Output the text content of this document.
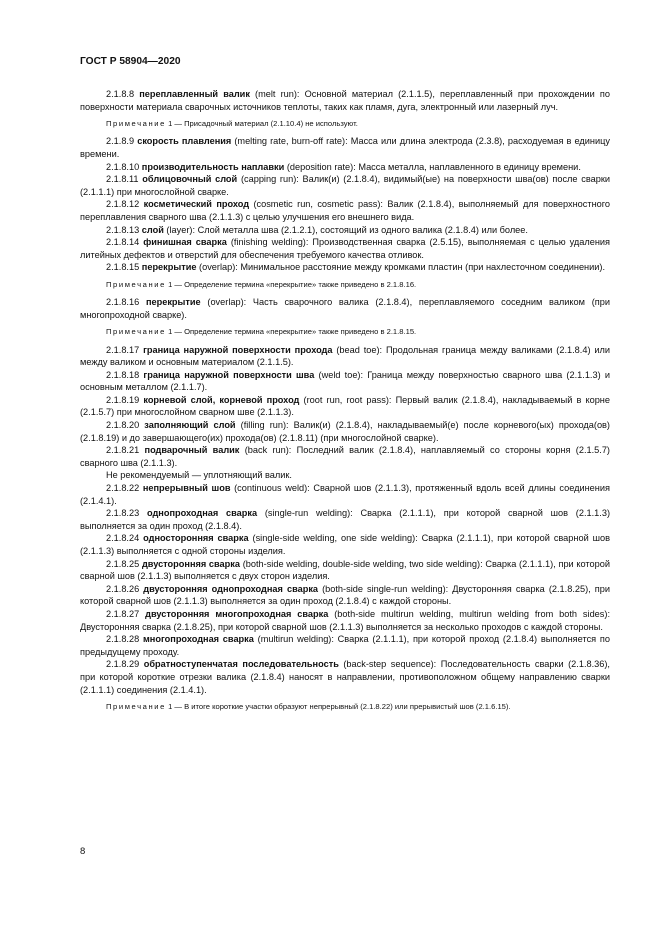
ГОСТ Р 58904—2020

2.1.8.8 переплавленный валик (melt run): Основной материал (2.1.1.5), переплавленный при прохождении по поверхности материала сварочных источников теплоты, таких как пламя, дуга, электронный или лазерный луч.

Примечание 1 — Присадочный материал (2.1.10.4) не используют.

2.1.8.9 скорость плавления (melting rate, burn-off rate): Масса или длина электрода (2.3.8), расходуемая в единицу времени.

2.1.8.10 производительность наплавки (deposition rate): Масса металла, наплавленного в единицу времени.

2.1.8.11 облицовочный слой (capping run): Валик(и) (2.1.8.4), видимый(ые) на поверхности шва(ов) после сварки (2.1.1.1) при многослойной сварке.

2.1.8.12 косметический проход (cosmetic run, cosmetic pass): Валик (2.1.8.4), выполняемый для поверхностного переплавления сварного шва (2.1.1.3) с целью улучшения его внешнего вида.

2.1.8.13 слой (layer): Слой металла шва (2.1.2.1), состоящий из одного валика (2.1.8.4) или более.

2.1.8.14 финишная сварка (finishing welding): Производственная сварка (2.5.15), выполняемая с целью удаления литейных дефектов и отверстий для обеспечения требуемого качества отливок.

2.1.8.15 перекрытие (overlap): Минимальное расстояние между кромками пластин (при нахлесточном соединении).

Примечание 1 — Определение термина «перекрытие» также приведено в 2.1.8.16.

2.1.8.16 перекрытие (overlap): Часть сварочного валика (2.1.8.4), переплавляемого соседним валиком (при многопроходной сварке).

Примечание 1 — Определение термина «перекрытие» также приведено в 2.1.8.15.

2.1.8.17 граница наружной поверхности прохода (bead toe): Продольная граница между валиками (2.1.8.4) или между валиком и основным материалом (2.1.1.5).

2.1.8.18 граница наружной поверхности шва (weld toe): Граница между поверхностью сварного шва (2.1.1.3) и основным металлом (2.1.1.7).

2.1.8.19 корневой слой, корневой проход (root run, root pass): Первый валик (2.1.8.4), накладываемый в корне (2.1.5.7) при многослойном сварном шве (2.1.1.3).

2.1.8.20 заполняющий слой (filling run): Валик(и) (2.1.8.4), накладываемый(е) после корневого(ых) прохода(ов) (2.1.8.19) и до завершающего(их) прохода(ов) (2.1.8.11) (при многослойной сварке).

2.1.8.21 подварочный валик (back run): Последний валик (2.1.8.4), наплавляемый со стороны корня (2.1.5.7) сварного шва (2.1.1.3).

Не рекомендуемый — уплотняющий валик.

2.1.8.22 непрерывный шов (continuous weld): Сварной шов (2.1.1.3), протяженный вдоль всей длины соединения (2.1.4.1).

2.1.8.23 однопроходная сварка (single-run welding): Сварка (2.1.1.1), при которой сварной шов (2.1.1.3) выполняется за один проход (2.1.8.4).

2.1.8.24 односторонняя сварка (single-side welding, one side welding): Сварка (2.1.1.1), при которой сварной шов (2.1.1.3) выполняется с одной стороны изделия.

2.1.8.25 двусторонняя сварка (both-side welding, double-side welding, two side welding): Сварка (2.1.1.1), при которой сварной шов (2.1.1.3) выполняется с двух сторон изделия.

2.1.8.26 двусторонняя однопроходная сварка (both-side single-run welding): Двусторонняя сварка (2.1.8.25), при которой сварной шов (2.1.1.3) выполняется за один проход (2.1.8.4) с каждой стороны.

2.1.8.27 двусторонняя многопроходная сварка (both-side multirun welding, multirun welding from both sides): Двусторонняя сварка (2.1.8.25), при которой сварной шов (2.1.1.3) выполняется за несколько проходов с каждой стороны.

2.1.8.28 многопроходная сварка (multirun welding): Сварка (2.1.1.1), при которой проход (2.1.8.4) выполняется по предыдущему проходу.

2.1.8.29 обратноступенчатая последовательность (back-step sequence): Последовательность сварки (2.1.8.36), при которой короткие отрезки валика (2.1.8.4) наносят в направлении, противоположном общему направлению сварки (2.1.1.1) соединения (2.1.4.1).

Примечание 1 — В итоге короткие участки образуют непрерывный (2.1.8.22) или прерывистый шов (2.1.6.15).

8
